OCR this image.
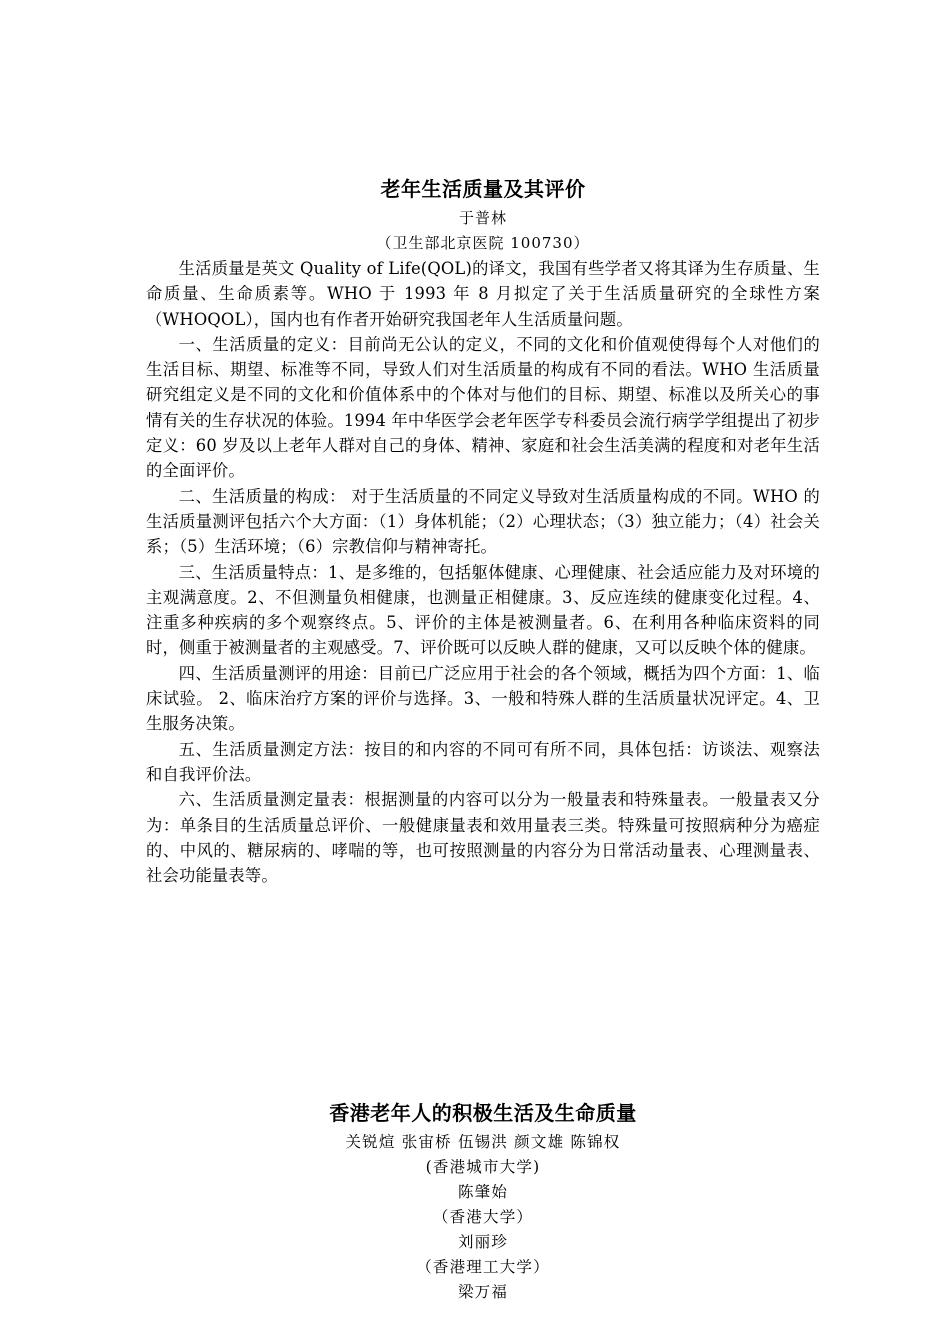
老年生活质量及其评价

于普林

（卫生部北京医院 100730）

生活质量是英文 Quality of Life(QOL)的译文，我国有些学者又将其译为生存质量、生命质量、生命质素等。WHO 于 1993 年 8 月拟定了关于生活质量研究的全球性方案（WHOQOL），国内也有作者开始研究我国老年人生活质量问题。

一、生活质量的定义：目前尚无公认的定义，不同的文化和价值观使得每个人对他们的生活目标、期望、标准等不同，导致人们对生活质量的构成有不同的看法。WHO 生活质量研究组定义是不同的文化和价值体系中的个体对与他们的目标、期望、标准以及所关心的事情有关的生存状况的体验。1994 年中华医学会老年医学专科委员会流行病学学组提出了初步定义：60 岁及以上老年人群对自己的身体、精神、家庭和社会生活美满的程度和对老年生活的全面评价。

二、生活质量的构成： 对于生活质量的不同定义导致对生活质量构成的不同。WHO 的生活质量测评包括六个大方面：（1）身体机能；（2）心理状态；（3）独立能力；（4）社会关系；（5）生活环境；（6）宗教信仰与精神寄托。

三、生活质量特点：1、是多维的，包括躯体健康、心理健康、社会适应能力及对环境的主观满意度。2、不但测量负相健康，也测量正相健康。3、反应连续的健康变化过程。4、注重多种疾病的多个观察终点。5、评价的主体是被测量者。6、在利用各种临床资料的同时，侧重于被测量者的主观感受。7、评价既可以反映人群的健康，又可以反映个体的健康。

四、生活质量测评的用途：目前已广泛应用于社会的各个领域，概括为四个方面：1、临床试验。 2、临床治疗方案的评价与选择。3、一般和特殊人群的生活质量状况评定。4、卫生服务决策。

五、生活质量测定方法：按目的和内容的不同可有所不同，具体包括：访谈法、观察法和自我评价法。

六、生活质量测定量表：根据测量的内容可以分为一般量表和特殊量表。一般量表又分为：单条目的生活质量总评价、一般健康量表和效用量表三类。特殊量可按照病种分为癌症的、中风的、糖尿病的、哮喘的等，也可按照测量的内容分为日常活动量表、心理测量表、社会功能量表等。

香港老年人的积极生活及生命质量

关锐煊 张宙桥 伍锡洪 颜文雄 陈锦权

(香港城市大学)

陈肇始

（香港大学）

刘丽珍

（香港理工大学）

梁万福
